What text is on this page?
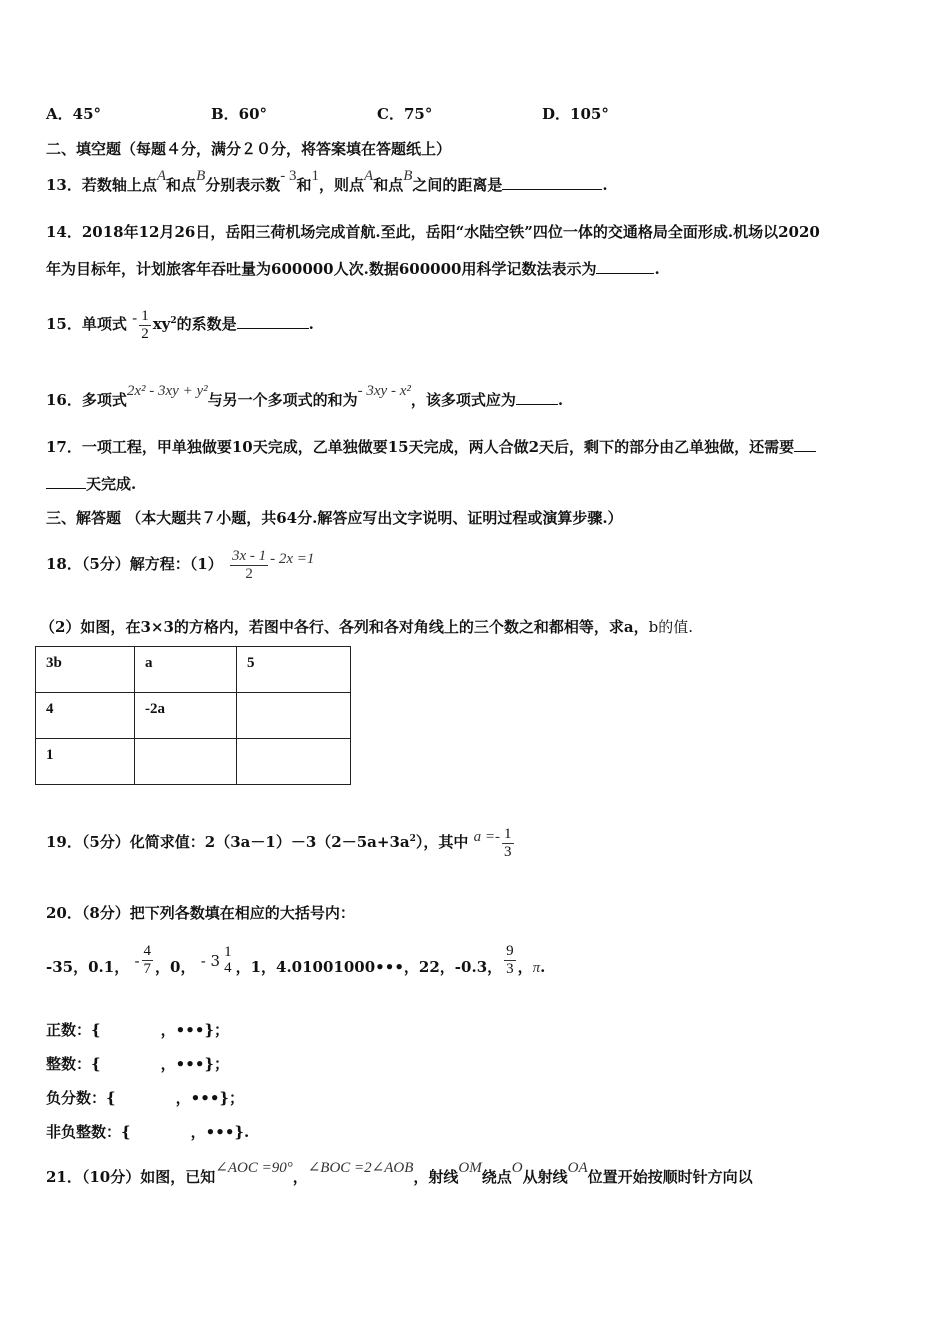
A．45°	B．60°	C．75°	D．105°
二、填空题（每题４分，满分２０分，将答案填在答题纸上）
13．若数轴上点A和点B分别表示数- 3和1，则点A和点B之间的距离是	.
14．2018年12月26日，岳阳三荷机场完成首航.至此，岳阳“水陆空铁”四位一体的交通格局全面形成.机场以2020
年为目标年，计划旅客年吞吐量为600000人次.数据600000用科学记数法表示为	.
15．单项式 - $\frac{1}{2} xy^2$的系数是	.
16．多项式2x² - 3xy + y²与另一个多项式的和为- 3xy - x²，该多项式应为	.
17．一项工程，甲单独做要10天完成，乙单独做要15天完成，两人合做2天后，剩下的部分由乙单独做，还需要
天完成.
三、解答题 （本大题共７小题，共64分.解答应写出文字说明、证明过程或演算步骤.）
18．（5分）解方程：$(1) \frac{3x - 1}{2} - 2x =1$
（2）如图，在3×3的方格内，若图中各行、各列和各对角线上的三个数之和都相等，求a，b的值.
3b	a	5
4	-2a	
1		
19．（5分）化简求值：$2(3a-1)-3(2-5a+3a^2)$，其中 $a =- \frac{1}{3}$
20．（8分）把下列各数填在相应的大括号内：
-35，0.1， - $\frac{4}{7}$ ，0， - 3
1
4 ，1，4.01001000•••，22，-0.3， $\frac{9}{3}$ ，π.
正数：{　　　　，•••}；
整数：{　　　　，•••}；
负分数：{　　　　，•••}；
非负整数：{　　　　，•••}.
21．（10分）如图，已知∠AOC =90°，∠BOC =2∠AOB，射线OM绕点O从射线OA位置开始按顺时针方向以
